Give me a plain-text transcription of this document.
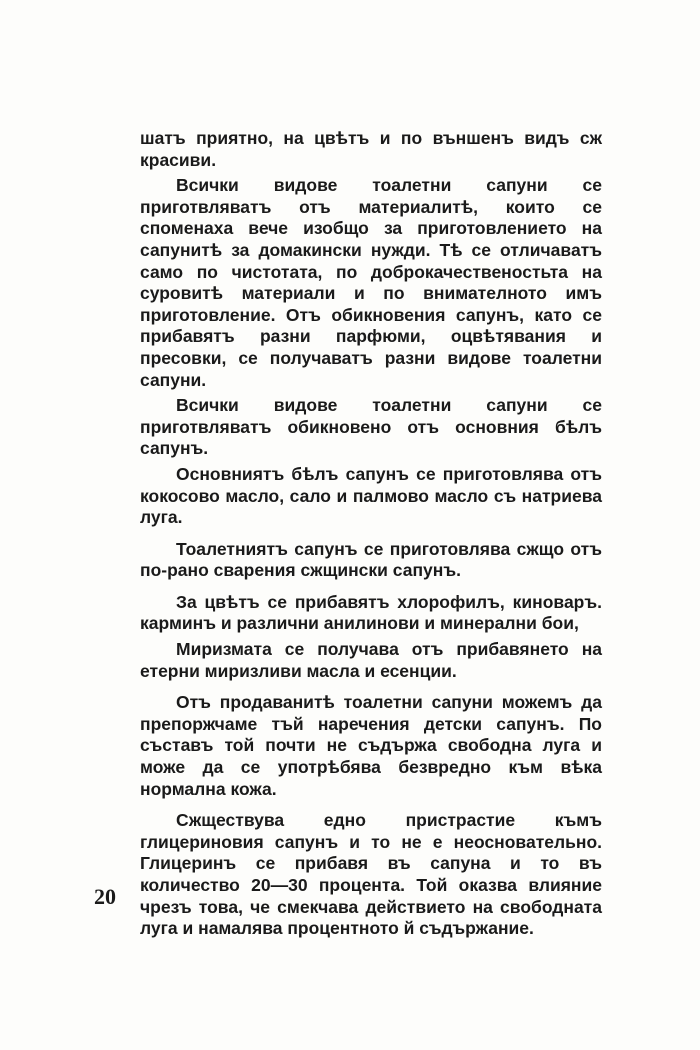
шатъ приятно, на цвѣтъ и по външенъ видъ сж красиви.

Всички видове тоалетни сапуни се приготвляватъ отъ материалитѣ, които се споменаха вече изобщо за приготовлението на сапунитѣ за домакински нужди. Тѣ се отличаватъ само по чистотата, по доброкачественостьта на суровитѣ материали и по внимателното имъ приготовление. Отъ обикновения сапунъ, като се прибавятъ разни парфюми, оцвѣтявания и пресовки, се получаватъ разни видове тоалетни сапуни.

Всички видове тоалетни сапуни се приготвляватъ обикновено отъ основния бѣлъ сапунъ.

Основниятъ бѣлъ сапунъ се приготовлява отъ кокосово масло, сало и палмово масло съ натриева луга.

Тоалетниятъ сапунъ се приготовлява сжщо отъ по-рано сварения сжщински сапунъ.

За цвѣтъ се прибавятъ хлорофилъ, киноваръ. карминъ и различни анилинови и минерални бои,

Миризмата се получава отъ прибавянето на етерни миризливи масла и есенции.

Отъ продаванитѣ тоалетни сапуни можемъ да препоржчаме тъй наречения детски сапунъ. По съставъ той почти не съдържа свободна луга и може да се употрѣбява безвредно към вѣка нормална кожа.

Сжществува едно пристрастие къмъ глицериновия сапунъ и то не е неосновательно. Глицеринъ се прибавя въ сапуна и то въ количество 20—30 процента. Той оказва влияние чрезъ това, че смекчава действието на свободната луга и намалява процентното й съдържание.

20
